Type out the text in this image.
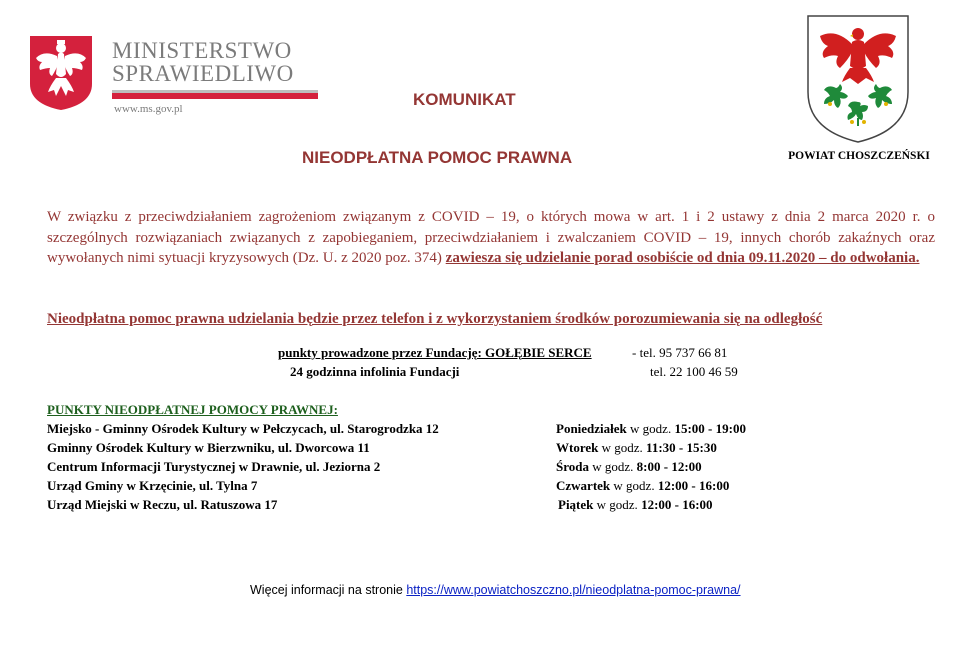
MINISTERSTWO
SPRAWIEDLIWO
www.ms.gov.pl
POWIAT CHOSZCZEŃSKI
KOMUNIKAT
NIEODPŁATNA POMOC PRAWNA
W związku z przeciwdziałaniem zagrożeniom związanym z COVID – 19, o których mowa w art. 1 i 2 ustawy z dnia 2 marca 2020 r. o szczególnych rozwiązaniach związanych z zapobieganiem, przeciwdziałaniem i zwalczaniem COVID – 19, innych chorób zakaźnych oraz wywołanych nimi sytuacji kryzysowych (Dz. U. z 2020 poz. 374) zawiesza się udzielanie porad osobiście od dnia 09.11.2020 – do odwołania.
Nieodpłatna pomoc prawna udzielania będzie przez telefon i z wykorzystaniem środków porozumiewania się na odległość
punkty prowadzone przez Fundację: GOŁĘBIE SERCE	- tel. 95 737 66 81
24 godzinna infolinia Fundacji	tel. 22 100 46 59
PUNKTY NIEODPŁATNEJ POMOCY PRAWNEJ:
Miejsko - Gminny Ośrodek Kultury w Pełczycach, ul. Starogrodzka 12	Poniedziałek w godz. 15:00 - 19:00
Gminny Ośrodek Kultury w Bierzwniku, ul. Dworcowa 11	Wtorek w godz. 11:30 - 15:30
Centrum Informacji Turystycznej w Drawnie, ul. Jeziorna 2	Środa w godz. 8:00 - 12:00
Urząd Gminy w Krzęcinie, ul. Tylna 7	Czwartek w godz. 12:00 - 16:00
Urząd Miejski w Reczu, ul. Ratuszowa 17	Piątek w godz. 12:00 - 16:00
Więcej informacji na stronie https://www.powiatchoszczno.pl/nieodplatna-pomoc-prawna/
